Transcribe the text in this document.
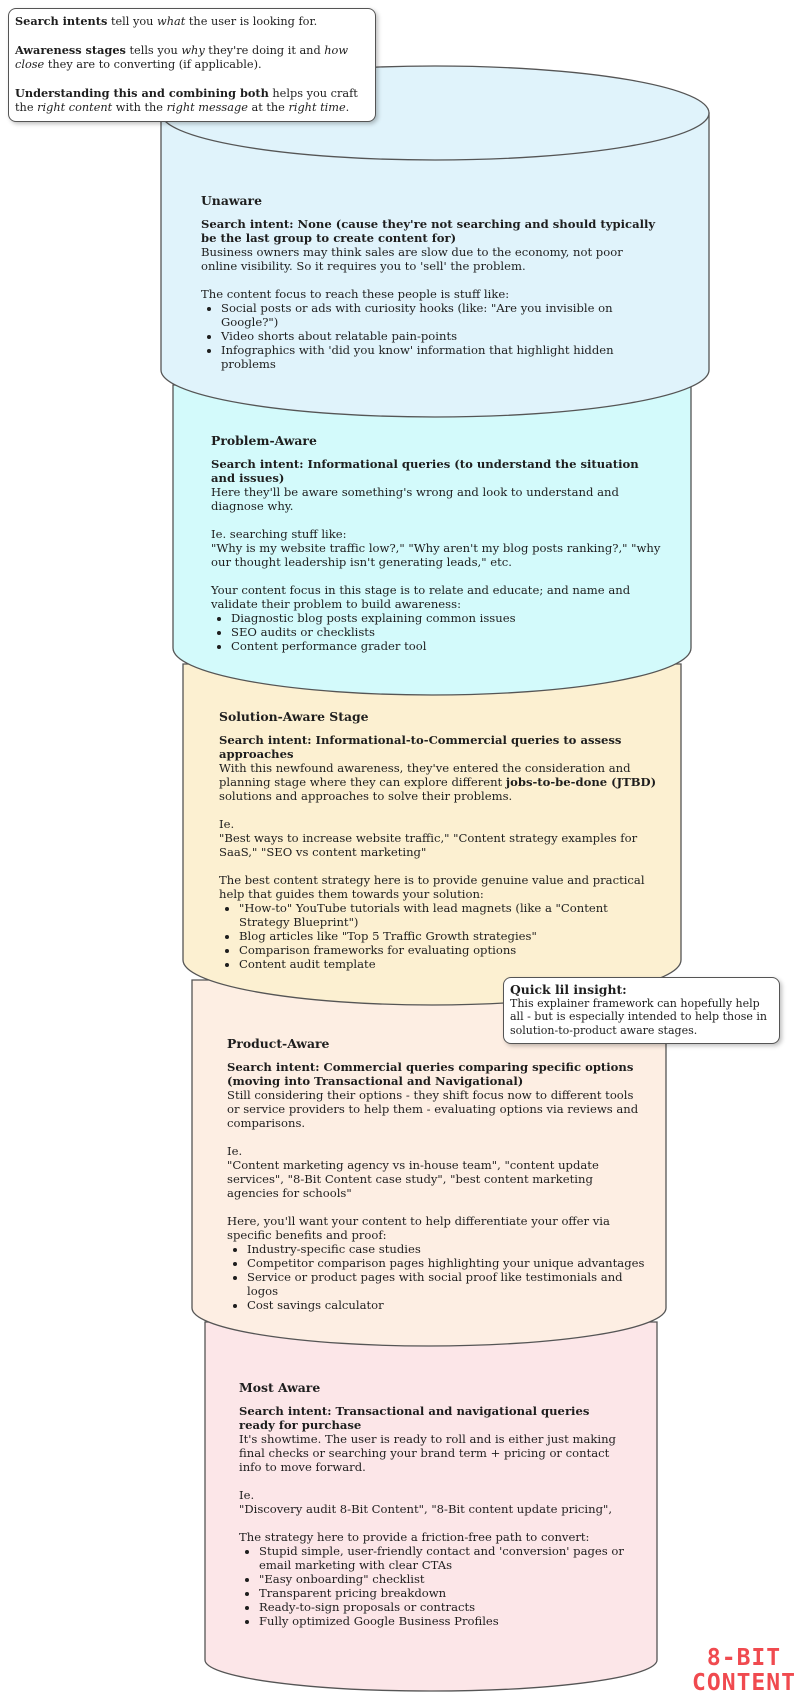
Search intents tell you what the user is looking for.

Awareness stages tells you why they're doing it and how close they are to converting (if applicable).

Understanding this and combining both helps you craft the right content with the right message at the right time.

Unaware
Search intent: None (cause they're not searching and should typically be the last group to create content for)

Business owners may think sales are slow due to the economy, not poor online visibility. So it requires you to 'sell' the problem.

The content focus to reach these people is stuff like:

• Social posts or ads with curiosity hooks (like: "Are you invisible on Google?")
• Video shorts about relatable pain-points
• Infographics with 'did you know' information that highlight hidden problems
Problem-Aware
Search intent: Informational queries (to understand the situation and issues)

Here they'll be aware something's wrong and look to understand and diagnose why.

Ie. searching stuff like:

"Why is my website traffic low?," "Why aren't my blog posts ranking?," "why our thought leadership isn't generating leads," etc.

Your content focus in this stage is to relate and educate; and name and validate their problem to build awareness:

• Diagnostic blog posts explaining common issues
• SEO audits or checklists
• Content performance grader tool
Solution-Aware Stage
Search intent: Informational-to-Commercial queries to assess approaches

With this newfound awareness, they've entered the consideration and planning stage where they can explore different jobs-to-be-done (JTBD) solutions and approaches to solve their problems.

Ie.

"Best ways to increase website traffic," "Content strategy examples for SaaS," "SEO vs content marketing"

The best content strategy here is to provide genuine value and practical help that guides them towards your solution:

• "How-to" YouTube tutorials with lead magnets (like a "Content Strategy Blueprint")
• Blog articles like "Top 5 Traffic Growth strategies"
• Comparison frameworks for evaluating options
• Content audit template
Product-Aware
Search intent: Commercial queries comparing specific options (moving into Transactional and Navigational)

Still considering their options - they shift focus now to different tools or service providers to help them - evaluating options via reviews and comparisons.

Ie.

"Content marketing agency vs in-house team", "content update services", "8-Bit Content case study", "best content marketing agencies for schools"

Here, you'll want your content to help differentiate your offer via specific benefits and proof:

• Industry-specific case studies
• Competitor comparison pages highlighting your unique advantages
• Service or product pages with social proof like testimonials and logos
• Cost savings calculator
Most Aware
Search intent: Transactional and navigational queries ready for purchase

It's showtime. The user is ready to roll and is either just making final checks or searching your brand term + pricing or contact info to move forward.

Ie.

"Discovery audit 8-Bit Content", "8-Bit content update pricing",

The strategy here to provide a friction-free path to convert:

• Stupid simple, user-friendly contact and 'conversion' pages or email marketing with clear CTAs
• "Easy onboarding" checklist
• Transparent pricing breakdown
• Ready-to-sign proposals or contracts
• Fully optimized Google Business Profiles

Quick lil insight:

This explainer framework can hopefully help all - but is especially intended to help those in solution-to-product aware stages.

8-BIT
CONTENT
